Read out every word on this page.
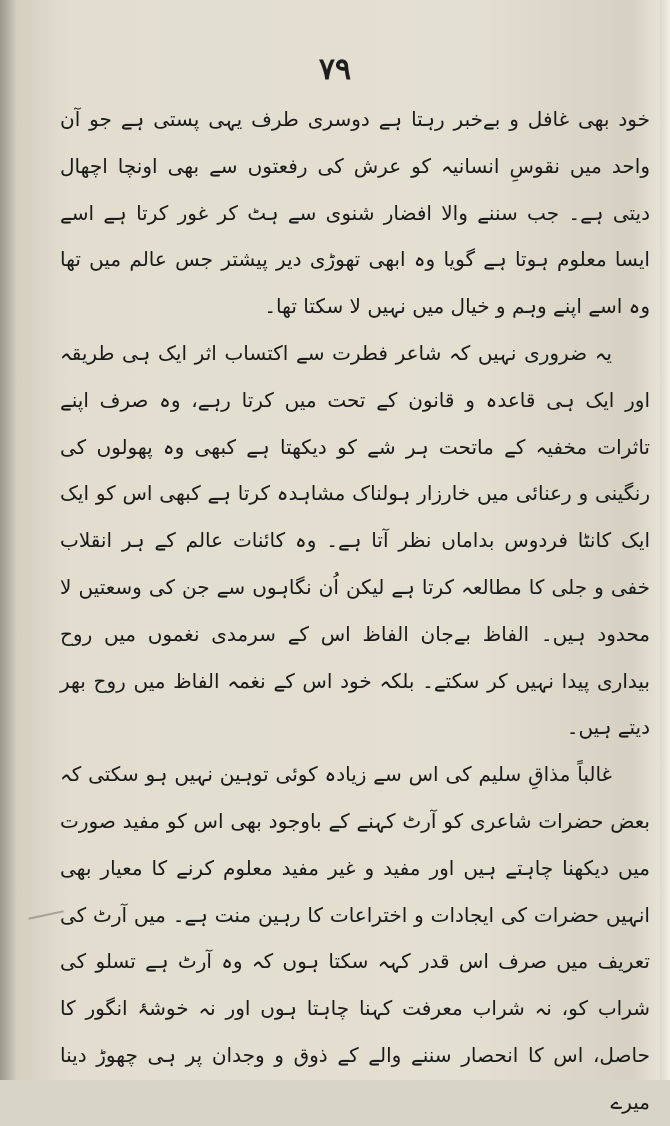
۷۹

خود بھی غافل و بےخبر رہتا ہے دوسری طرف یہی پستی ہے جو آن واحد میں نقوسِ انسانیہ کو عرش کی رفعتوں سے بھی اونچا اچھال دیتی ہے۔ جب سننے والا افضار شنوی سے ہٹ کر غور کرتا ہے اسے ایسا معلوم ہوتا ہے گویا وہ ابھی تھوڑی دیر پیشتر جس عالم میں تھا وہ اسے اپنے وہم و خیال میں نہیں لا سکتا تھا۔

یہ ضروری نہیں کہ شاعر فطرت سے اکتساب اثر ایک ہی طریقہ اور ایک ہی قاعدہ و قانون کے تحت میں کرتا رہے، وہ صرف اپنے تاثرات مخفیہ کے ماتحت ہر شے کو دیکھتا ہے کبھی وہ پھولوں کی رنگینی و رعنائی میں خارزار ہولناک مشاہدہ کرتا ہے کبھی اس کو ایک ایک کانٹا فردوس بداماں نظر آتا ہے۔ وہ کائنات عالم کے ہر انقلاب خفی و جلی کا مطالعہ کرتا ہے لیکن اُن نگاہوں سے جن کی وسعتیں لا محدود ہیں۔ الفاظ بےجان الفاظ اس کے سرمدی نغموں میں روح بیداری پیدا نہیں کر سکتے۔ بلکہ خود اس کے نغمہ الفاظ میں روح بھر دیتے ہیں۔

غالباً مذاقِ سلیم کی اس سے زیادہ کوئی توہین نہیں ہو سکتی کہ بعض حضرات شاعری کو آرٹ کہنے کے باوجود بھی اس کو مفید صورت میں دیکھنا چاہتے ہیں اور مفید و غیر مفید معلوم کرنے کا معیار بھی انہیں حضرات کی ایجادات و اختراعات کا رہین منت ہے۔ میں آرٹ کی تعریف میں صرف اس قدر کہہ سکتا ہوں کہ وہ آرٹ ہے تسلو کی شراب کو، نہ شراب معرفت کہنا چاہتا ہوں اور نہ خوشۂ انگور کا حاصل، اس کا انحصار سننے والے کے ذوق و وجدان پر ہی چھوڑ دینا میرے
